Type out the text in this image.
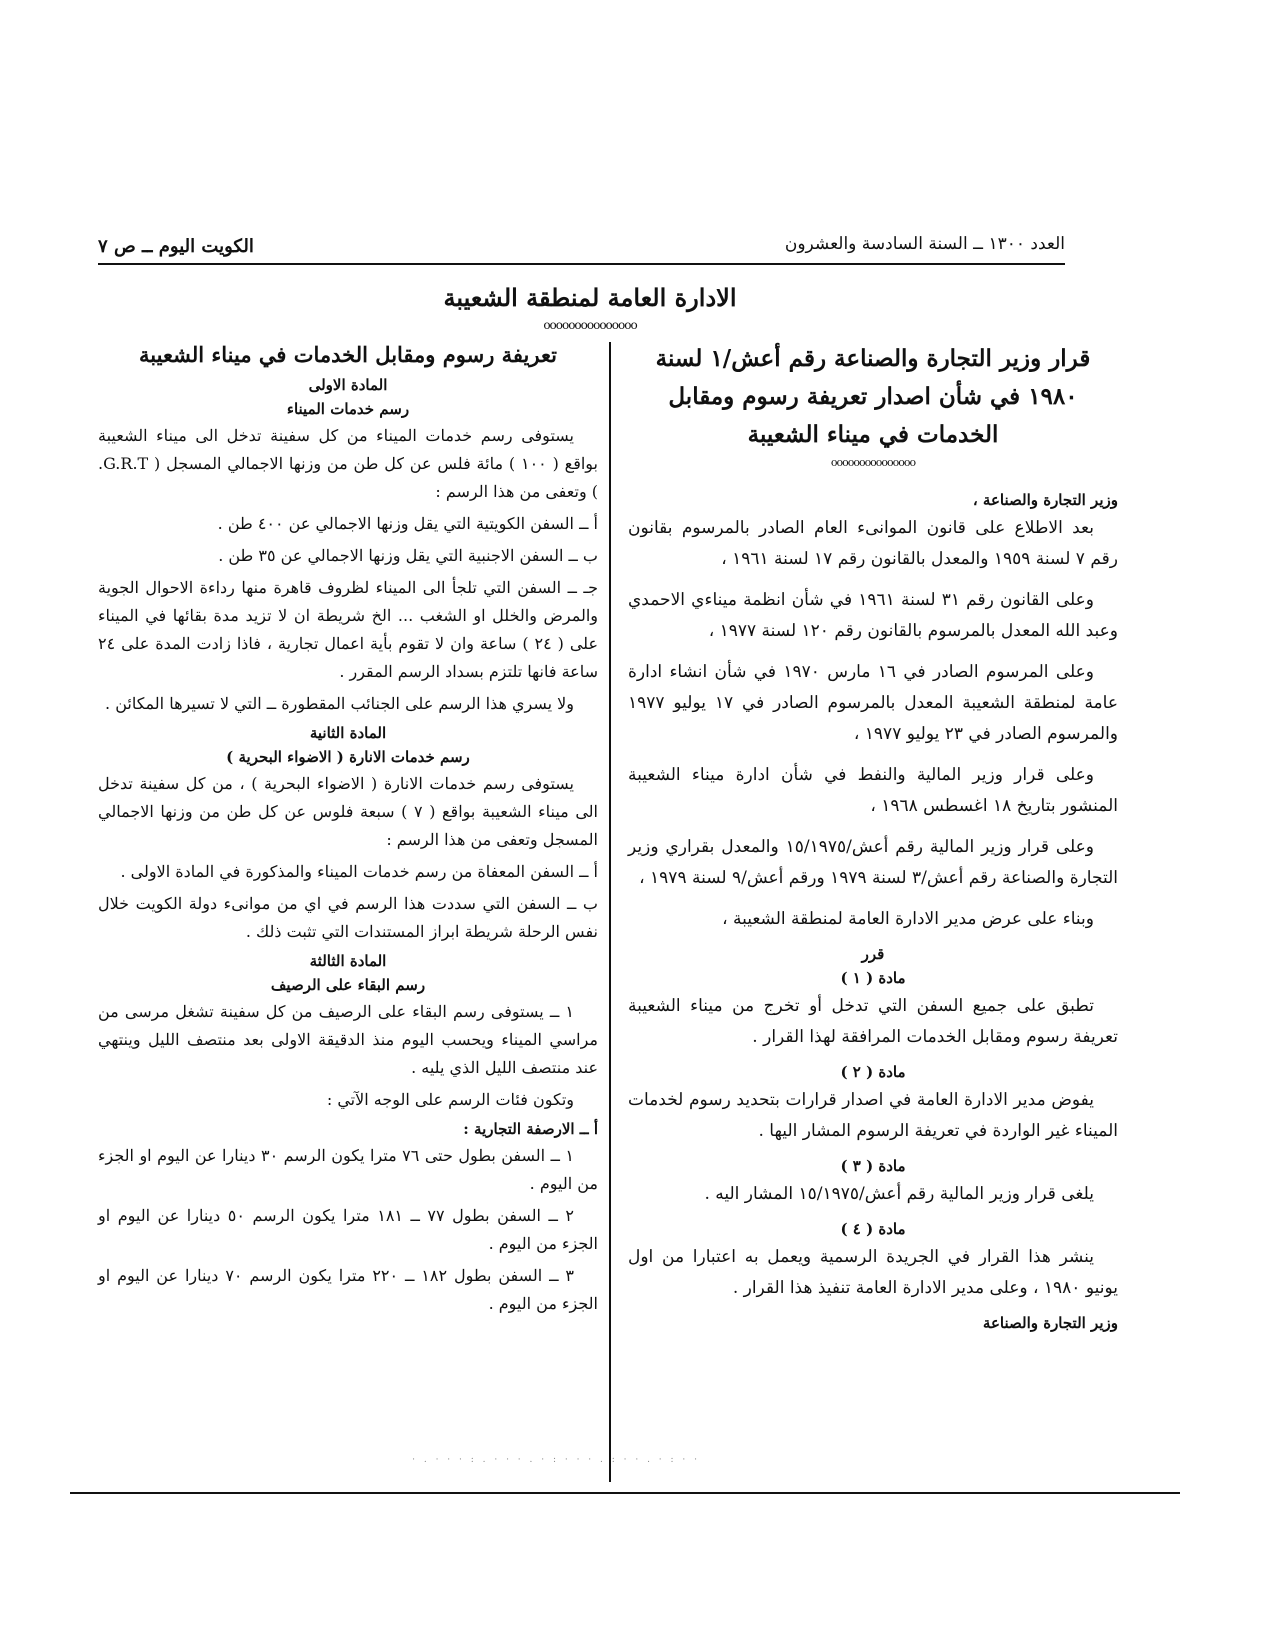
العدد ١٣٠٠ ــ السنة السادسة والعشرون
الكويت اليوم ــ ص ٧
الادارة العامة لمنطقة الشعيبة
ooooooooooooooo
قرار وزير التجارة والصناعة رقم أعش/١ لسنة ١٩٨٠ في شأن اصدار تعريفة رسوم ومقابل الخدمات في ميناء الشعيبة
ooooooooooooooo
وزير التجارة والصناعة ،

بعد الاطلاع على قانون الموانىء العام الصادر بالمرسوم بقانون رقم ٧ لسنة ١٩٥٩ والمعدل بالقانون رقم ١٧ لسنة ١٩٦١ ،

وعلى القانون رقم ٣١ لسنة ١٩٦١ في شأن انظمة ميناءي الاحمدي وعبد الله المعدل بالمرسوم بالقانون رقم ١٢٠ لسنة ١٩٧٧ ،

وعلى المرسوم الصادر في ١٦ مارس ١٩٧٠ في شأن انشاء ادارة عامة لمنطقة الشعيبة المعدل بالمرسوم الصادر في ١٧ يوليو ١٩٧٧ والمرسوم الصادر في ٢٣ يوليو ١٩٧٧ ،

وعلى قرار وزير المالية والنفط في شأن ادارة ميناء الشعيبة المنشور بتاريخ ١٨ اغسطس ١٩٦٨ ،

وعلى قرار وزير المالية رقم أعش/١٥/١٩٧٥ والمعدل بقراري وزير التجارة والصناعة رقم أعش/٣ لسنة ١٩٧٩ ورقم أعش/٩ لسنة ١٩٧٩ ،

وبناء على عرض مدير الادارة العامة لمنطقة الشعيبة ،

قرر
مادة ( ١ )

تطبق على جميع السفن التي تدخل أو تخرج من ميناء الشعيبة تعريفة رسوم ومقابل الخدمات المرافقة لهذا القرار .

مادة ( ٢ )

يفوض مدير الادارة العامة في اصدار قرارات بتحديد رسوم لخدمات الميناء غير الواردة في تعريفة الرسوم المشار اليها .

مادة ( ٣ )

يلغى قرار وزير المالية رقم أعش/١٥/١٩٧٥ المشار اليه .

مادة ( ٤ )

ينشر هذا القرار في الجريدة الرسمية ويعمل به اعتبارا من اول يونيو ١٩٨٠ ، وعلى مدير الادارة العامة تنفيذ هذا القرار .

وزير التجارة والصناعة
تعريفة رسوم ومقابل الخدمات في ميناء الشعيبة
المادة الاولى
رسم خدمات الميناء

يستوفى رسم خدمات الميناء من كل سفينة تدخل الى ميناء الشعيبة بواقع ( ١٠٠ ) مائة فلس عن كل طن من وزنها الاجمالي المسجل ( G.R.T. ) وتعفى من هذا الرسم :

أ ــ السفن الكويتية التي يقل وزنها الاجمالي عن ٤٠٠ طن .

ب ــ السفن الاجنبية التي يقل وزنها الاجمالي عن ٣٥ طن .

جـ ــ السفن التي تلجأ الى الميناء لظروف قاهرة منها رداءة الاحوال الجوية والمرض والخلل او الشغب ... الخ شريطة ان لا تزيد مدة بقائها في الميناء على ( ٢٤ ) ساعة وان لا تقوم بأية اعمال تجارية ، فاذا زادت المدة على ٢٤ ساعة فانها تلتزم بسداد الرسم المقرر .

ولا يسري هذا الرسم على الجنائب المقطورة ــ التي لا تسيرها المكائن .

المادة الثانية
رسم خدمات الانارة ( الاضواء البحرية )

يستوفى رسم خدمات الانارة ( الاضواء البحرية ) ، من كل سفينة تدخل الى ميناء الشعيبة بواقع ( ٧ ) سبعة فلوس عن كل طن من وزنها الاجمالي المسجل وتعفى من هذا الرسم :

أ ــ السفن المعفاة من رسم خدمات الميناء والمذكورة في المادة الاولى .

ب ــ السفن التي سددت هذا الرسم في اي من موانىء دولة الكويت خلال نفس الرحلة شريطة ابراز المستندات التي تثبت ذلك .

المادة الثالثة
رسم البقاء على الرصيف

١ ــ يستوفى رسم البقاء على الرصيف من كل سفينة تشغل مرسى من مراسي الميناء ويحسب اليوم منذ الدقيقة الاولى بعد منتصف الليل وينتهي عند منتصف الليل الذي يليه .

وتكون فئات الرسم على الوجه الآتي :

أ ــ الارصفة التجارية :

١ ــ السفن بطول حتى ٧٦ مترا يكون الرسم ٣٠ دينارا عن اليوم او الجزء من اليوم .

٢ ــ السفن بطول ٧٧ ــ ١٨١ مترا يكون الرسم ٥٠ دينارا عن اليوم او الجزء من اليوم .

٣ ــ السفن بطول ١٨٢ ــ ٢٢٠ مترا يكون الرسم ٧٠ دينارا عن اليوم او الجزء من اليوم .

· · : · . · · : . · · · : · . · · · . : · · · . ·
